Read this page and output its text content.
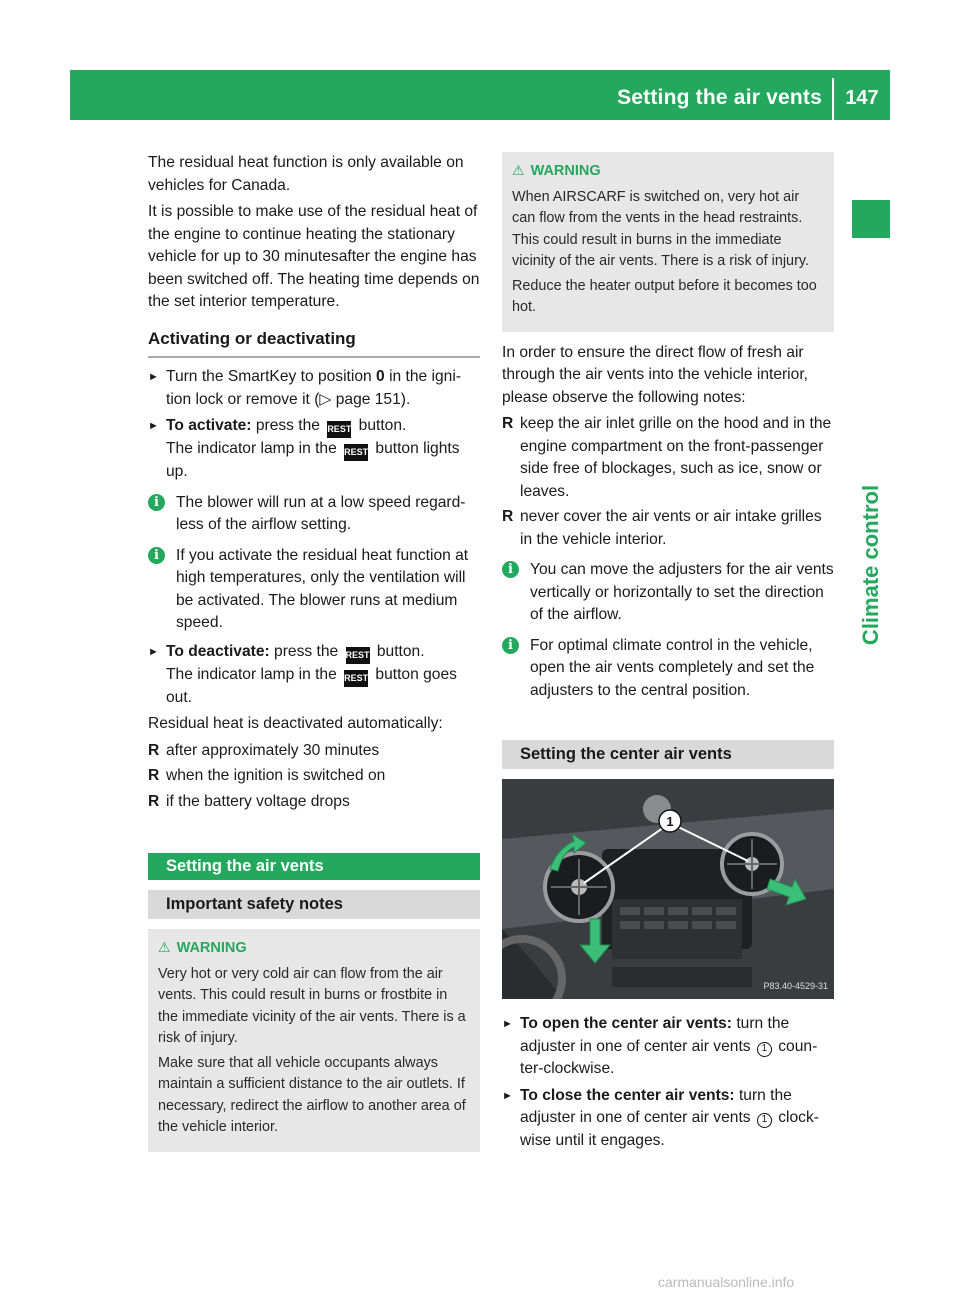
Setting the air vents	147
Climate control

The residual heat function is only available on vehicles for Canada.

It is possible to make use of the residual heat of the engine to continue heating the stationary vehicle for up to 30 minutesafter the engine has been switched off. The heating time depends on the set interior temperature.

Activating or deactivating
► Turn the SmartKey to position 0 in the ignition lock or remove it (▷ page 151).
► To activate: press the REST button.
The indicator lamp in the REST button lights up.
i	The blower will run at a low speed regardless of the airflow setting.
i	If you activate the residual heat function at high temperatures, only the ventilation will be activated. The blower runs at medium speed.
► To deactivate: press the REST button.
The indicator lamp in the REST button goes out.

Residual heat is deactivated automatically:

R after approximately 30 minutes
R when the ignition is switched on
R if the battery voltage drops
Setting the air vents
Important safety notes
⚠ WARNING

Very hot or very cold air can flow from the air vents. This could result in burns or frostbite in the immediate vicinity of the air vents. There is a risk of injury.

Make sure that all vehicle occupants always maintain a sufficient distance to the air outlets. If necessary, redirect the airflow to another area of the vehicle interior.

⚠ WARNING

When AIRSCARF is switched on, very hot air can flow from the vents in the head restraints. This could result in burns in the immediate vicinity of the air vents. There is a risk of injury.

Reduce the heater output before it becomes too hot.

In order to ensure the direct flow of fresh air through the air vents into the vehicle interior, please observe the following notes:

R keep the air inlet grille on the hood and in the engine compartment on the front-passenger side free of blockages, such as ice, snow or leaves.
R never cover the air vents or air intake grilles in the vehicle interior.
i	You can move the adjusters for the air vents vertically or horizontally to set the direction of the airflow.
i	For optimal climate control in the vehicle, open the air vents completely and set the adjusters to the central position.
Setting the center air vents
1
P83.40-4529-31
► To open the center air vents: turn the adjuster in one of center air vents 1 counter-clockwise.
► To close the center air vents: turn the adjuster in one of center air vents 1 clockwise until it engages.
carmanualsonline.info
